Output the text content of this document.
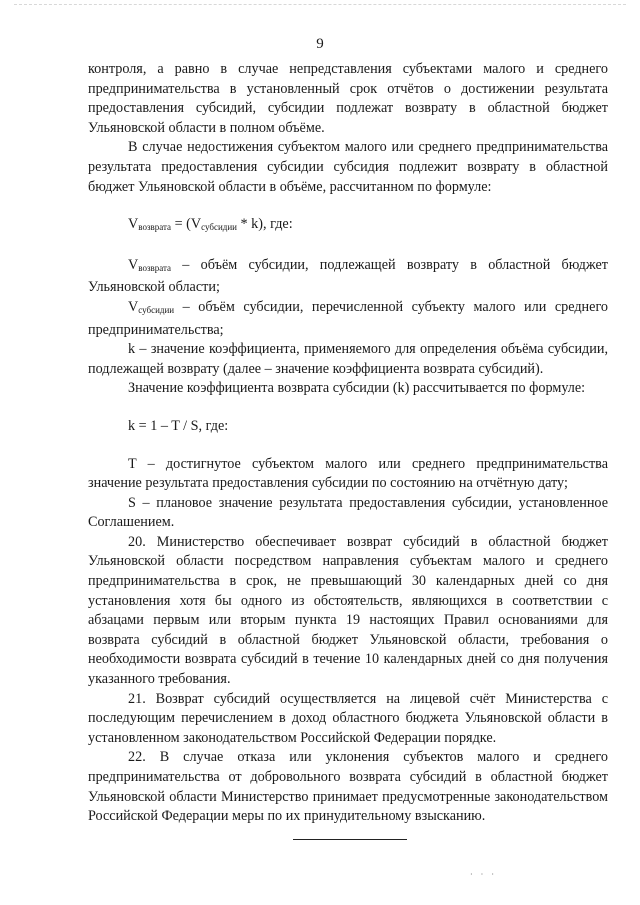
9

контроля, а равно в случае непредставления субъектами малого и среднего предпринимательства в установленный срок отчётов о достижении результата предоставления субсидий, субсидии подлежат возврату в областной бюджет Ульяновской области в полном объёме.

В случае недостижения субъектом малого или среднего предпринимательства результата предоставления субсидии субсидия подлежит возврату в областной бюджет Ульяновской области в объёме, рассчитанном по формуле:

$V_{возврата} = (V_{субсидии} * k)$, где:

$V_{возврата}$ – объём субсидии, подлежащей возврату в областной бюджет Ульяновской области;

$V_{субсидии}$ – объём субсидии, перечисленной субъекту малого или среднего предпринимательства;

k – значение коэффициента, применяемого для определения объёма субсидии, подлежащей возврату (далее – значение коэффициента возврата субсидий).

Значение коэффициента возврата субсидии (k) рассчитывается по формуле:

k = 1 – T / S, где:

T – достигнутое субъектом малого или среднего предпринимательства значение результата предоставления субсидии по состоянию на отчётную дату;

S – плановое значение результата предоставления субсидии, установленное Соглашением.

20. Министерство обеспечивает возврат субсидий в областной бюджет Ульяновской области посредством направления субъектам малого и среднего предпринимательства в срок, не превышающий 30 календарных дней со дня установления хотя бы одного из обстоятельств, являющихся в соответствии с абзацами первым или вторым пункта 19 настоящих Правил основаниями для возврата субсидий в областной бюджет Ульяновской области, требования о необходимости возврата субсидий в течение 10 календарных дней со дня получения указанного требования.

21. Возврат субсидий осуществляется на лицевой счёт Министерства с последующим перечислением в доход областного бюджета Ульяновской области в установленном законодательством Российской Федерации порядке.

22. В случае отказа или уклонения субъектов малого и среднего предпринимательства от добровольного возврата субсидий в областной бюджет Ульяновской области Министерство принимает предусмотренные законодательством Российской Федерации меры по их принудительному взысканию.

· · ·
